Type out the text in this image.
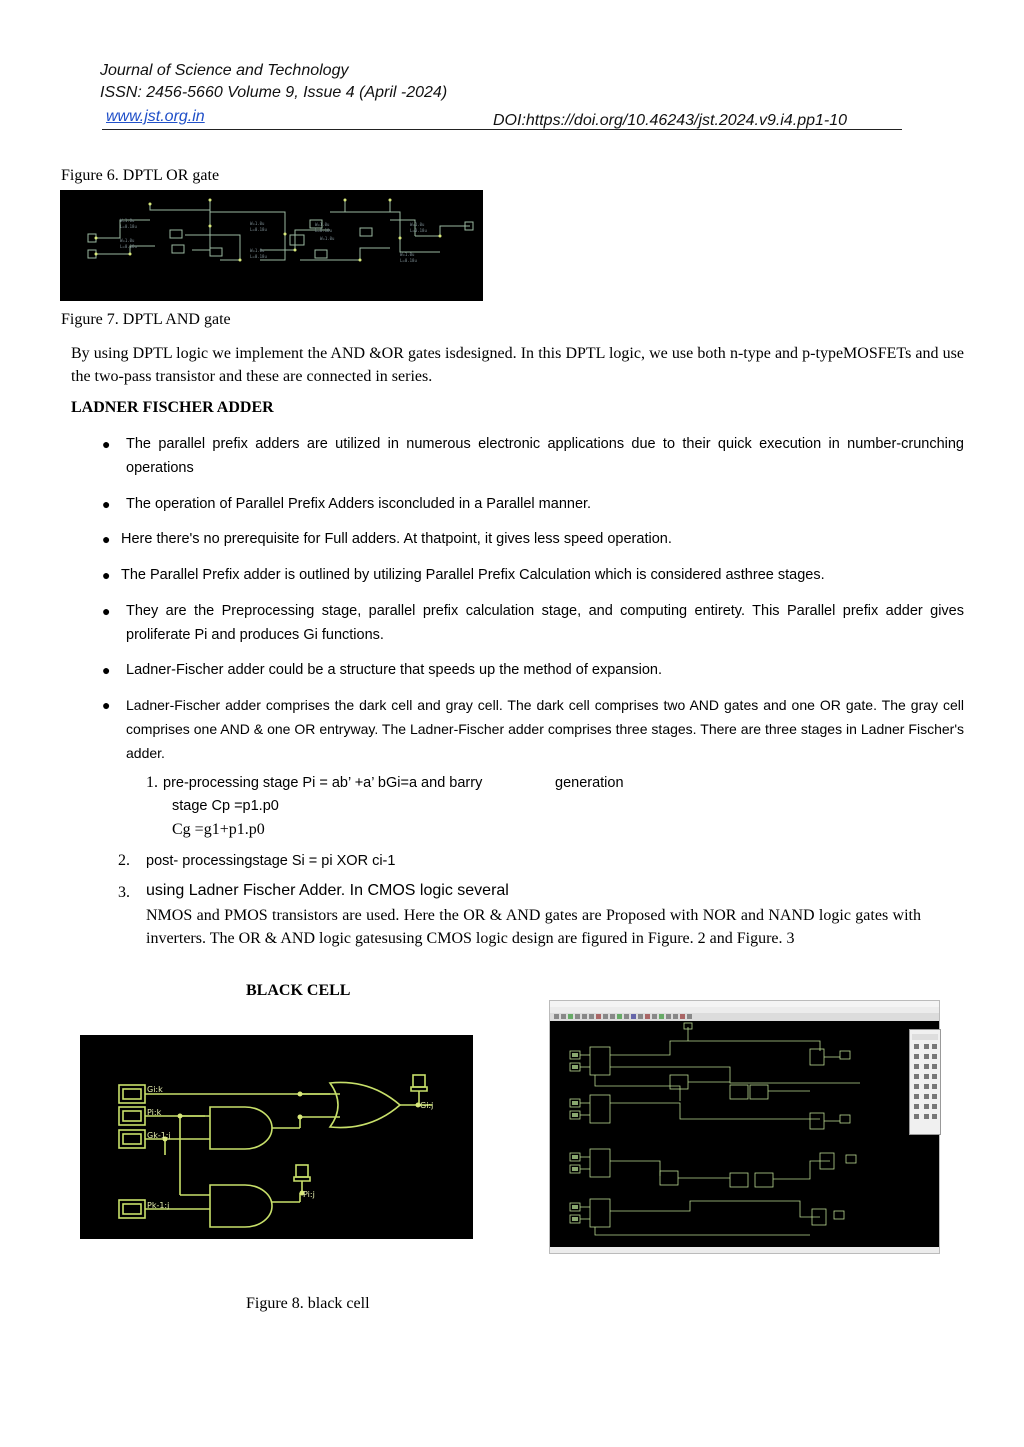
Journal of Science and Technology
ISSN: 2456-5660 Volume 9, Issue 4 (April -2024)
www.jst.org.in	DOI:https://doi.org/10.46243/jst.2024.v9.i4.pp1-10
Figure 6. DPTL OR gate
W=1.0u
L=0.18u
W=1.0u
L=0.18u
W=1.0u
L=0.18u
W=1.0u
L=0.18u
W=1.0u
L=0.18u
W=1.0u
W=1.0u
L=0.18u
W=1.0u
L=0.18u
Figure 7. DPTL AND gate
By using DPTL logic we implement the AND &OR gates isdesigned. In this DPTL logic, we use both n-type and p-typeMOSFETs and use the two-pass transistor and these are connected in series.
LADNER FISCHER ADDER
● The parallel prefix adders are utilized in numerous electronic applications due to their quick execution in number-crunching operations
● The operation of Parallel Prefix Adders isconcluded in a Parallel manner.
● Here there's no prerequisite for Full adders. At thatpoint, it gives less speed operation.
● The Parallel Prefix adder is outlined by utilizing Parallel Prefix Calculation which is considered asthree stages.
● They are the Preprocessing stage, parallel prefix calculation stage, and computing entirety. This Parallel prefix adder gives proliferate Pi and produces Gi functions.
● Ladner-Fischer adder could be a structure that speeds up the method of expansion.
● Ladner-Fischer adder comprises the dark cell and gray cell. The dark cell comprises two AND gates and one OR gate. The gray cell comprises one AND & one OR entryway. The Ladner-Fischer adder comprises three stages. There are three stages in Ladner Fischer's adder.
1. pre-processing stage Pi = ab’ +a’ bGi=a and barry	generation
stage Cp =p1.p0
Cg =g1+p1.p0
2. post- processingstage Si = pi XOR ci-1
3. using Ladner Fischer Adder. In CMOS logic several
NMOS and PMOS transistors are used. Here the OR & AND gates are Proposed with NOR and NAND logic gates with inverters. The OR & AND logic gatesusing CMOS logic design are figured in Figure. 2 and Figure. 3
BLACK CELL
Gi:k
Pi:k
Gk-1:j
Pk-1:j
Gi:j
Pi:j
Figure 8. black cell
